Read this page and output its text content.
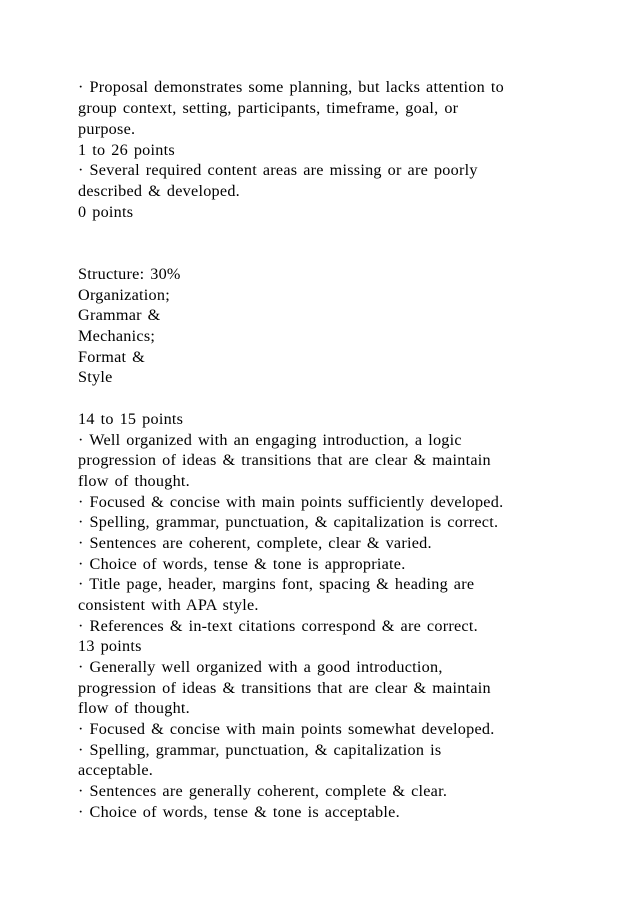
· Proposal demonstrates some planning, but lacks attention to
group context, setting, participants, timeframe, goal, or
purpose.
1 to 26 points
· Several required content areas are missing or are poorly
described & developed.
0 points
Structure: 30%
Organization;
Grammar &
Mechanics;
Format &
Style
14 to 15 points
· Well organized with an engaging introduction, a logic
progression of ideas & transitions that are clear & maintain
flow of thought.
· Focused & concise with main points sufficiently developed.
· Spelling, grammar, punctuation, & capitalization is correct.
· Sentences are coherent, complete, clear & varied.
· Choice of words, tense & tone is appropriate.
· Title page, header, margins font, spacing & heading are
consistent with APA style.
· References & in-text citations correspond & are correct.
13 points
· Generally well organized with a good introduction,
progression of ideas & transitions that are clear & maintain
flow of thought.
· Focused & concise with main points somewhat developed.
· Spelling, grammar, punctuation, & capitalization is
acceptable.
· Sentences are generally coherent, complete & clear.
· Choice of words, tense & tone is acceptable.
